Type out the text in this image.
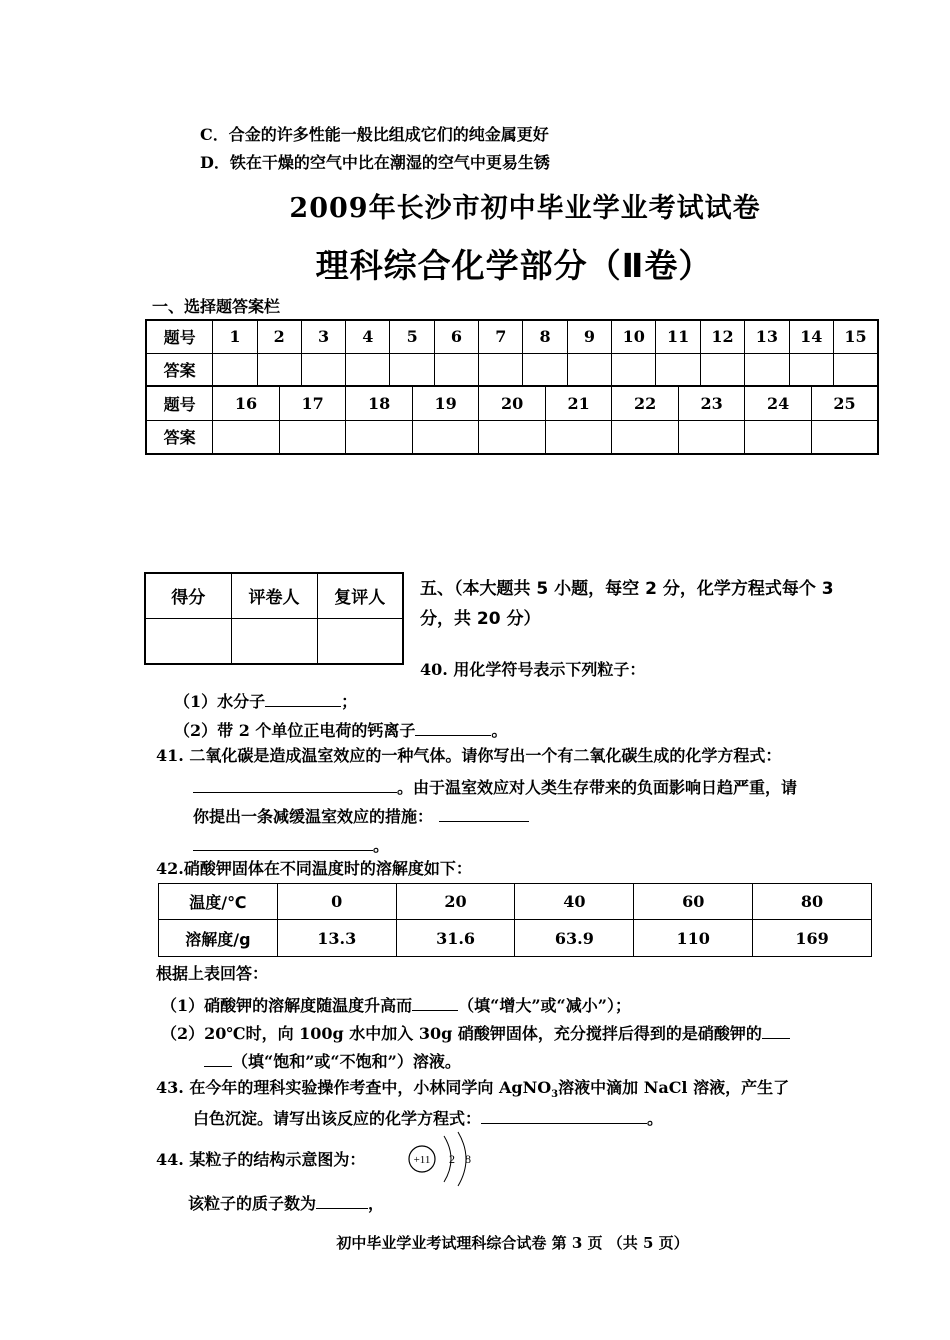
C．合金的许多性能一般比组成它们的纯金属更好
D．铁在干燥的空气中比在潮湿的空气中更易生锈
2009年长沙市初中毕业学业考试试卷
理科综合化学部分（Ⅱ卷）
一、选择题答案栏
题号	1	2	3	4	5	6	7	8	9	10	11	12	13	14	15
答案															
题号	16	17	18	19	20	21	22	23	24	25
答案										
得分	评卷人	复评人
		五、（本大题共 5 小题，每空 2 分，化学方程式每个 3
分，共 20 分）
40. 用化学符号表示下列粒子：
（1）水分子	；
（2）带 2 个单位正电荷的钙离子	。
41. 二氧化碳是造成温室效应的一种气体。请你写出一个有二氧化碳生成的化学方程式：
。由于温室效应对人类生存带来的负面影响日趋严重，请
你提出一条减缓温室效应的措施：
。
42.硝酸钾固体在不同温度时的溶解度如下：
温度/℃	0	20	40	60	80
溶解度/g	13.3	31.6	63.9	110	169
根据上表回答：
（1）硝酸钾的溶解度随温度升高而	（填“增大”或“减小”）；
（2）20℃时，向 100g 水中加入 30g 硝酸钾固体，充分搅拌后得到的是硝酸钾的
（填“饱和”或“不饱和”）溶液。
43. 在今年的理科实验操作考查中，小林同学向 AgNO$_3$溶液中滴加 NaCl 溶液，产生了
白色沉淀。请写出该反应的化学方程式：	。
44. 某粒子的结构示意图为：	+11 2 8
该粒子的质子数为	，
初中毕业学业考试理科综合试卷 第 3 页 （共 5 页）
